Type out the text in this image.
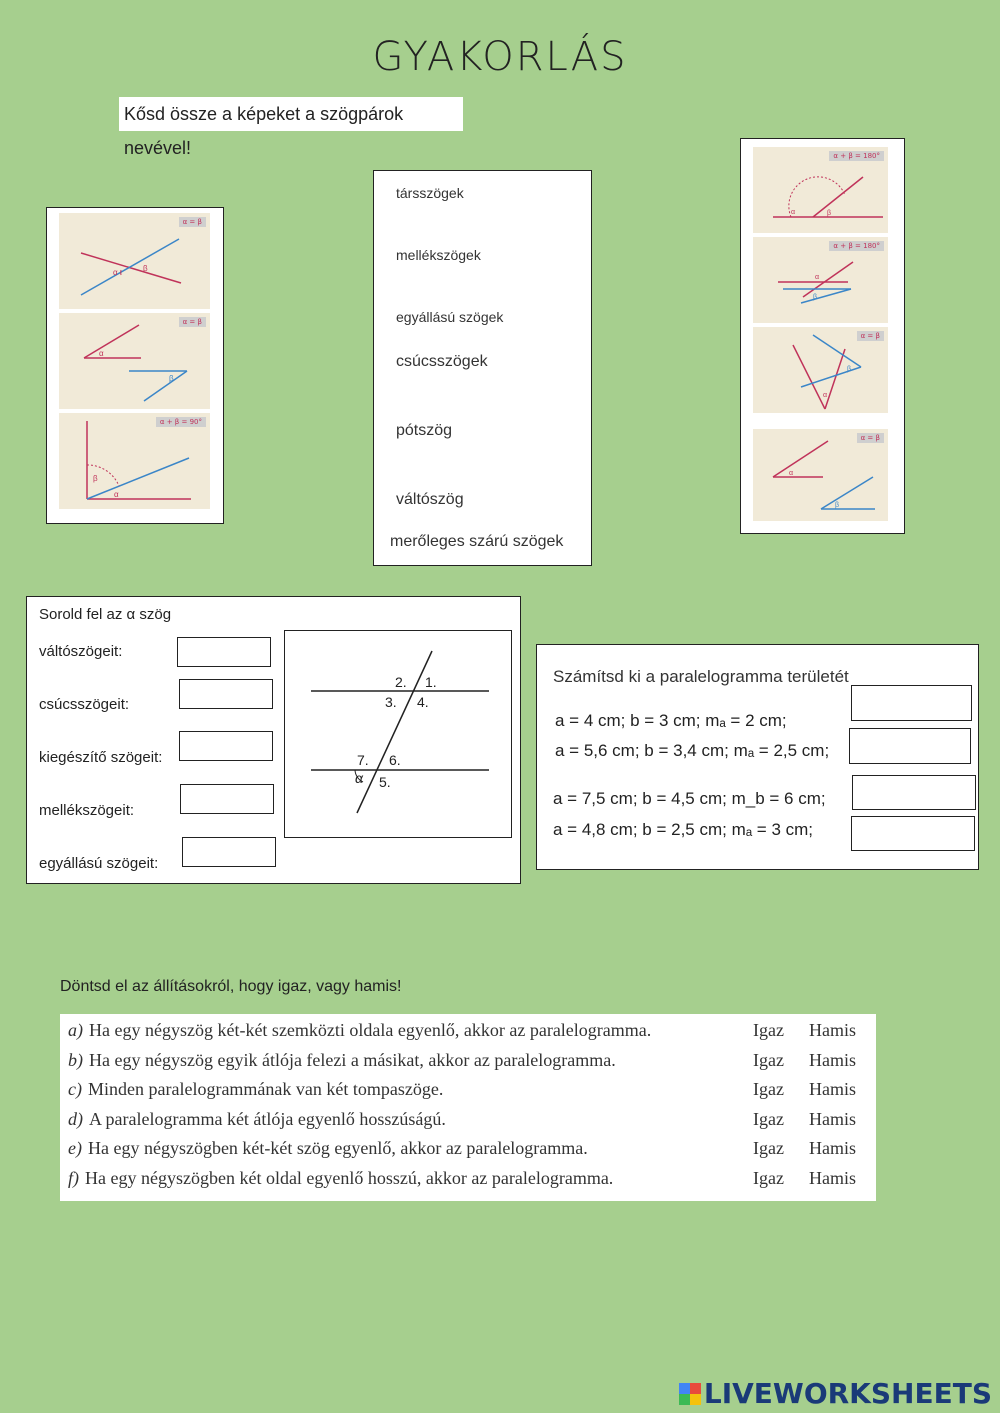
GYAKORLÁS
Kősd össze a képeket a szögpárok nevével!
α = β
α	β
α = β
α
β
α + β = 90°
β
α
társszögek
mellékszögek
egyállású szögek
csúcsszögek
pótszög
váltószög
merőleges szárú szögek
α + β = 180°
α	β
α + β = 180°
α
β
α = β
α
β
α = β
α
β
Sorold fel az α szög
váltószögeit:
csúcsszögeit:
kiegészítő szögeit:
mellékszögeit:
egyállású szögeit:
2. 1.
3. 4.
7. 6.
α 5.
Számítsd ki a paralelogramma területét
a = 4 cm; b = 3 cm; mₐ = 2 cm;
a = 5,6 cm; b = 3,4 cm; mₐ = 2,5 cm;
a = 7,5 cm; b = 4,5 cm; m_b = 6 cm;
a = 4,8 cm; b = 2,5 cm; mₐ = 3 cm;
Döntsd el az állításokról, hogy igaz, vagy hamis!
a) Ha egy négyszög két-két szemközti oldala egyenlő, akkor az paralelogramma.	Igaz Hamis
b) Ha egy négyszög egyik átlója felezi a másikat, akkor az paralelogramma.	Igaz Hamis
c) Minden paralelogrammának van két tompaszöge.	Igaz Hamis
d) A paralelogramma két átlója egyenlő hosszúságú.	Igaz Hamis
e) Ha egy négyszögben két-két szög egyenlő, akkor az paralelogramma.	Igaz Hamis
f) Ha egy négyszögben két oldal egyenlő hosszú, akkor az paralelogramma.	Igaz Hamis
LIVEWORKSHEETS
